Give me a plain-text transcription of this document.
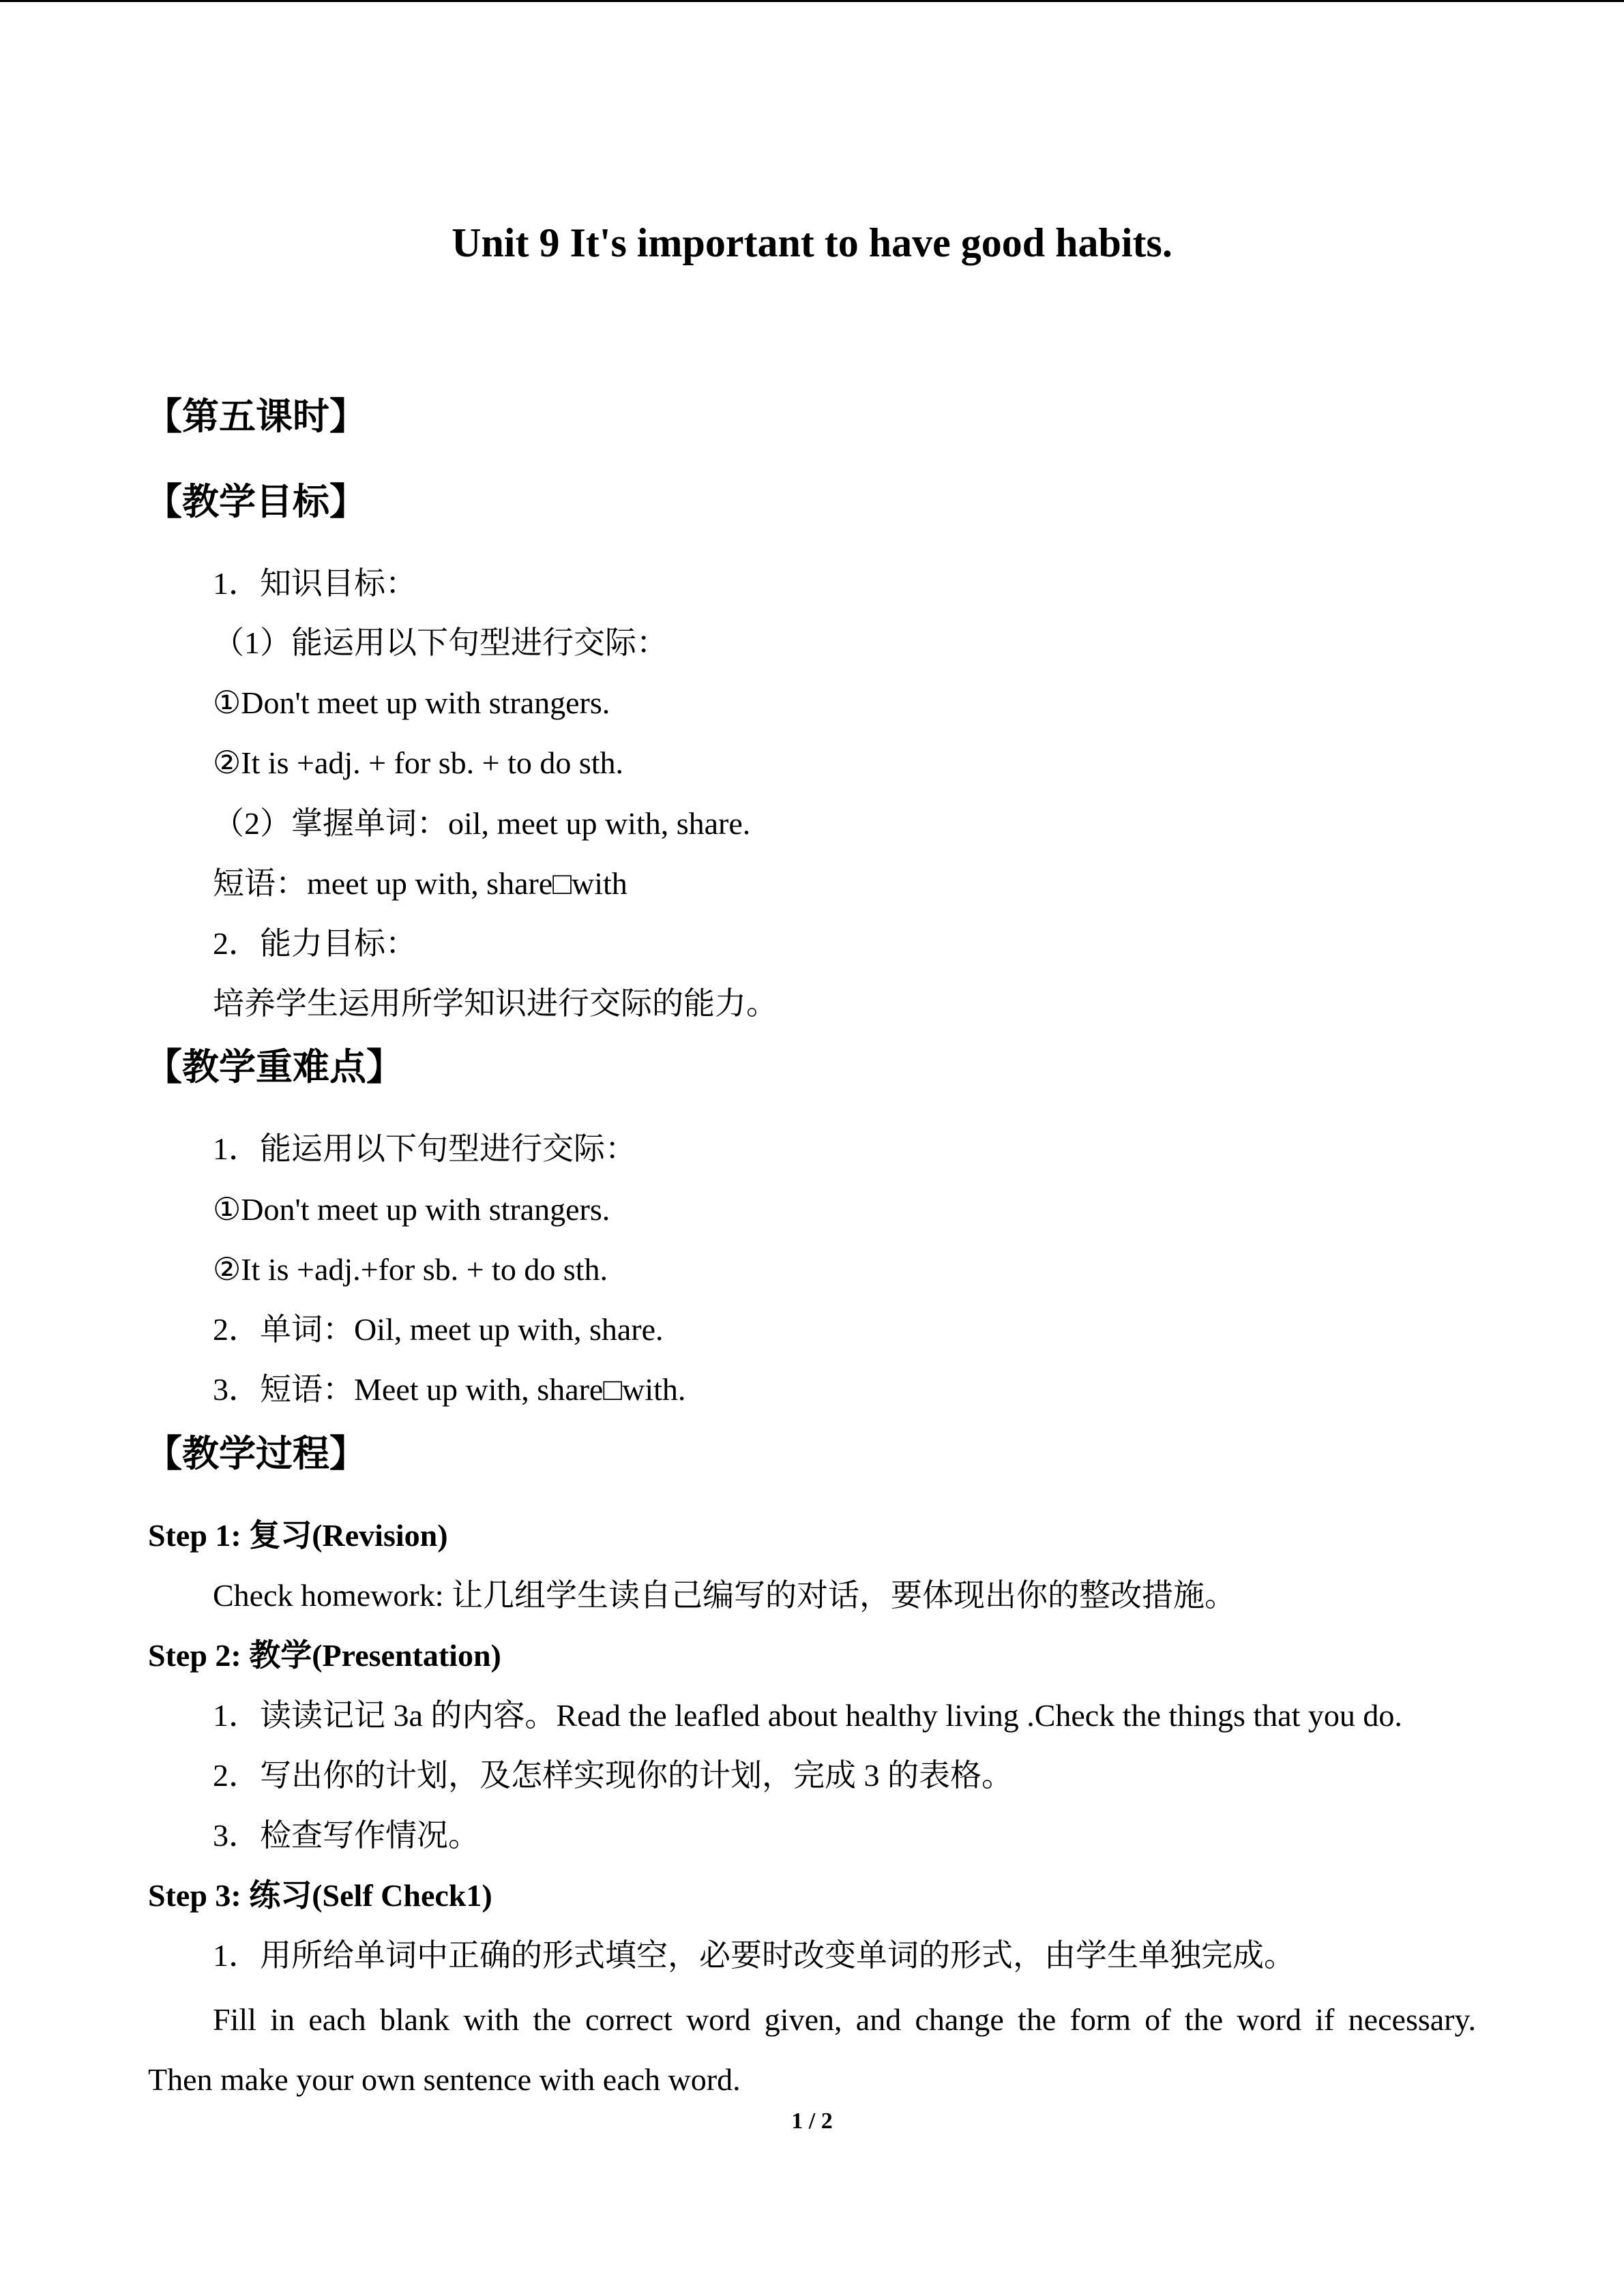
Unit 9 It's important to have good habits.
【第五课时】
【教学目标】
1．知识目标：
（1）能运用以下句型进行交际：
①Don't meet up with strangers.
②It is +adj. + for sb. + to do sth.
（2）掌握单词：oil, meet up with, share.
短语：meet up with, share□with
2．能力目标：
培养学生运用所学知识进行交际的能力。
【教学重难点】
1．能运用以下句型进行交际：
①Don't meet up with strangers.
②It is +adj.+for sb. + to do sth.
2．单词：Oil, meet up with, share.
3．短语：Meet up with, share□with.
【教学过程】
Step 1: 复习(Revision)
Check homework: 让几组学生读自己编写的对话，要体现出你的整改措施。
Step 2: 教学(Presentation)
1．读读记记 3a 的内容。Read the leafled about healthy living .Check the things that you do.
2．写出你的计划，及怎样实现你的计划，完成 3 的表格。
3．检查写作情况。
Step 3: 练习(Self Check1)
1．用所给单词中正确的形式填空，必要时改变单词的形式，由学生单独完成。
Fill in each blank with the correct word given, and change the form of the word if necessary.
Then make your own sentence with each word.
1 / 2
